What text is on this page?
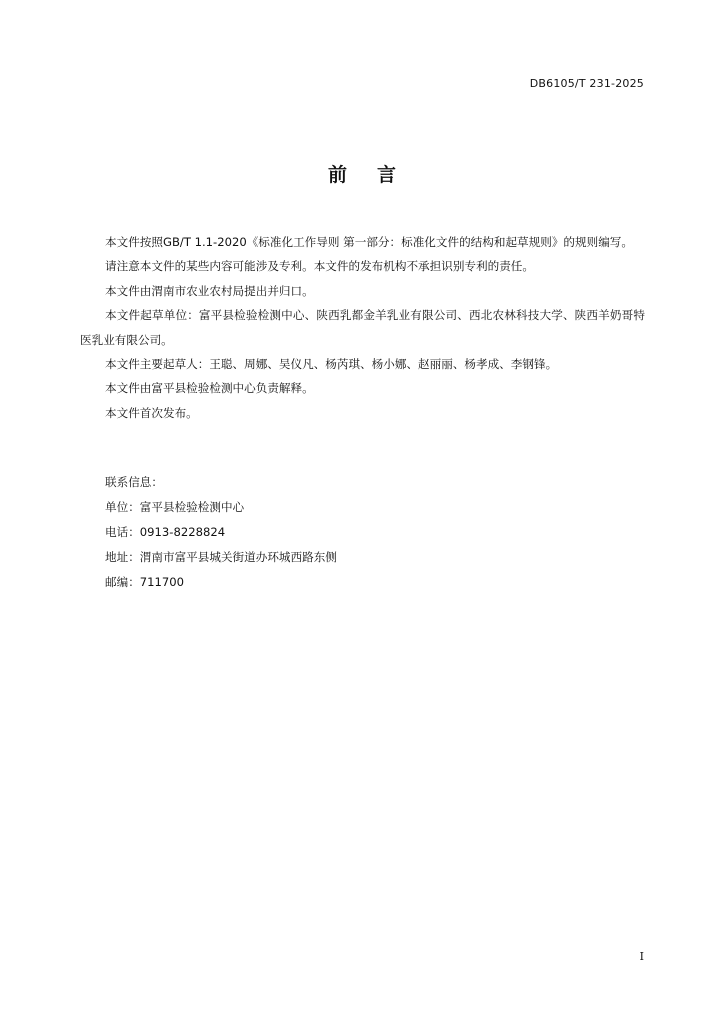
DB6105/T 231-2025
前言

本文件按照GB/T 1.1-2020《标准化工作导则 第一部分：标准化文件的结构和起草规则》的规则编写。

请注意本文件的某些内容可能涉及专利。本文件的发布机构不承担识别专利的责任。

本文件由渭南市农业农村局提出并归口。

本文件起草单位：富平县检验检测中心、陕西乳都金羊乳业有限公司、西北农林科技大学、陕西羊奶哥特医乳业有限公司。

本文件主要起草人：王聪、周娜、吴仪凡、杨芮琪、杨小娜、赵丽丽、杨孝成、李钢锋。

本文件由富平县检验检测中心负责解释。

本文件首次发布。

联系信息：

单位：富平县检验检测中心

电话：0913-8228824

地址：渭南市富平县城关街道办环城西路东侧

邮编：711700

I
